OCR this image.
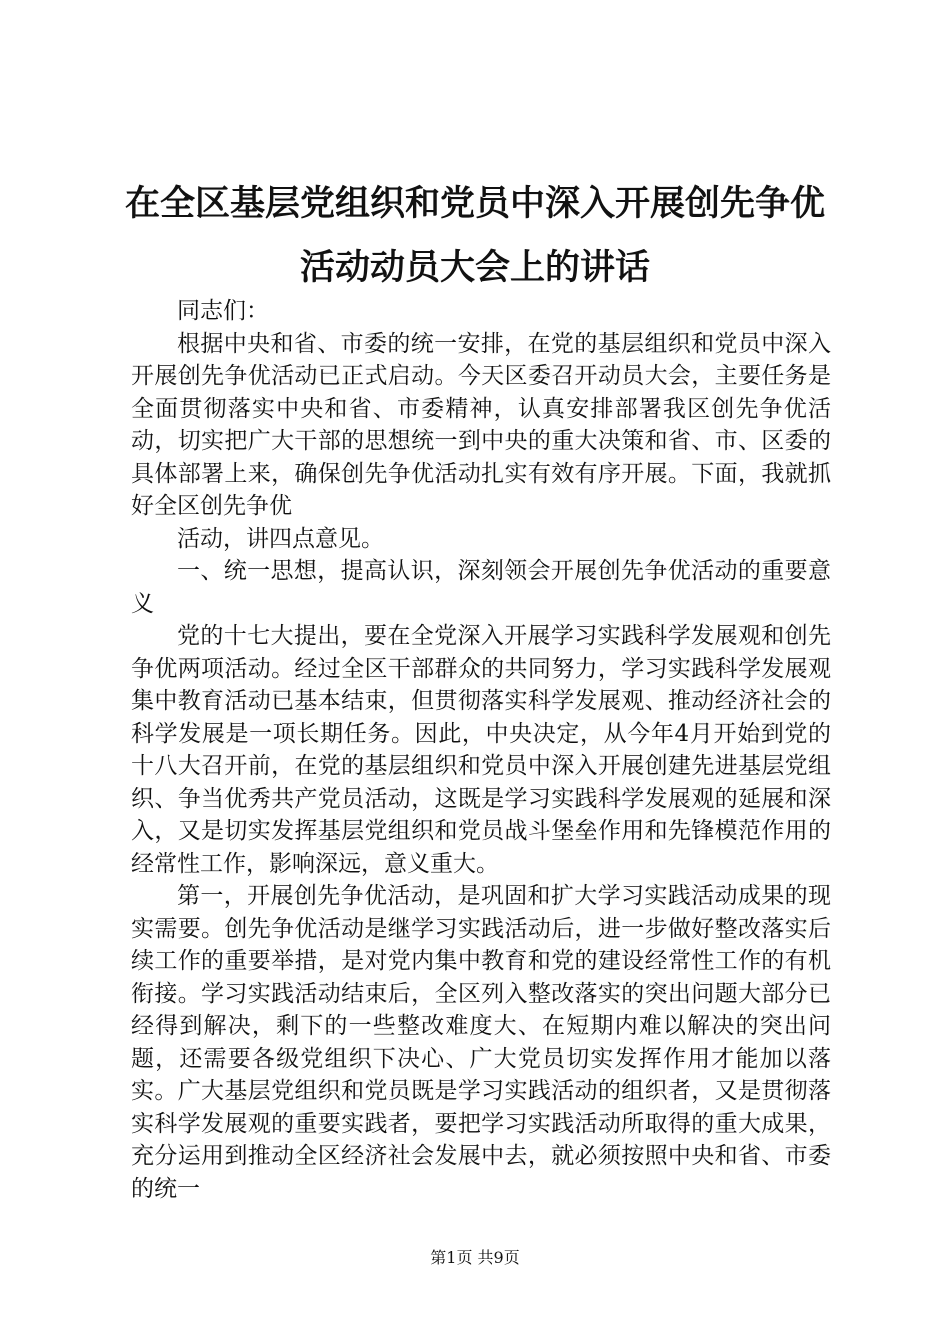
在全区基层党组织和党员中深入开展创先争优
活动动员大会上的讲话

同志们：

根据中央和省、市委的统一安排，在党的基层组织和党员中深入开展创先争优活动已正式启动。今天区委召开动员大会，主要任务是全面贯彻落实中央和省、市委精神，认真安排部署我区创先争优活动，切实把广大干部的思想统一到中央的重大决策和省、市、区委的具体部署上来，确保创先争优活动扎实有效有序开展。下面，我就抓好全区创先争优

活动，讲四点意见。

一、统一思想，提高认识，深刻领会开展创先争优活动的重要意义

党的十七大提出，要在全党深入开展学习实践科学发展观和创先争优两项活动。经过全区干部群众的共同努力，学习实践科学发展观集中教育活动已基本结束，但贯彻落实科学发展观、推动经济社会的科学发展是一项长期任务。因此，中央决定，从今年4月开始到党的十八大召开前，在党的基层组织和党员中深入开展创建先进基层党组织、争当优秀共产党员活动，这既是学习实践科学发展观的延展和深入，又是切实发挥基层党组织和党员战斗堡垒作用和先锋模范作用的经常性工作，影响深远，意义重大。

第一，开展创先争优活动，是巩固和扩大学习实践活动成果的现实需要。创先争优活动是继学习实践活动后，进一步做好整改落实后续工作的重要举措，是对党内集中教育和党的建设经常性工作的有机衔接。学习实践活动结束后，全区列入整改落实的突出问题大部分已经得到解决，剩下的一些整改难度大、在短期内难以解决的突出问题，还需要各级党组织下决心、广大党员切实发挥作用才能加以落实。广大基层党组织和党员既是学习实践活动的组织者，又是贯彻落实科学发展观的重要实践者，要把学习实践活动所取得的重大成果，充分运用到推动全区经济社会发展中去，就必须按照中央和省、市委的统一

第1页 共9页
